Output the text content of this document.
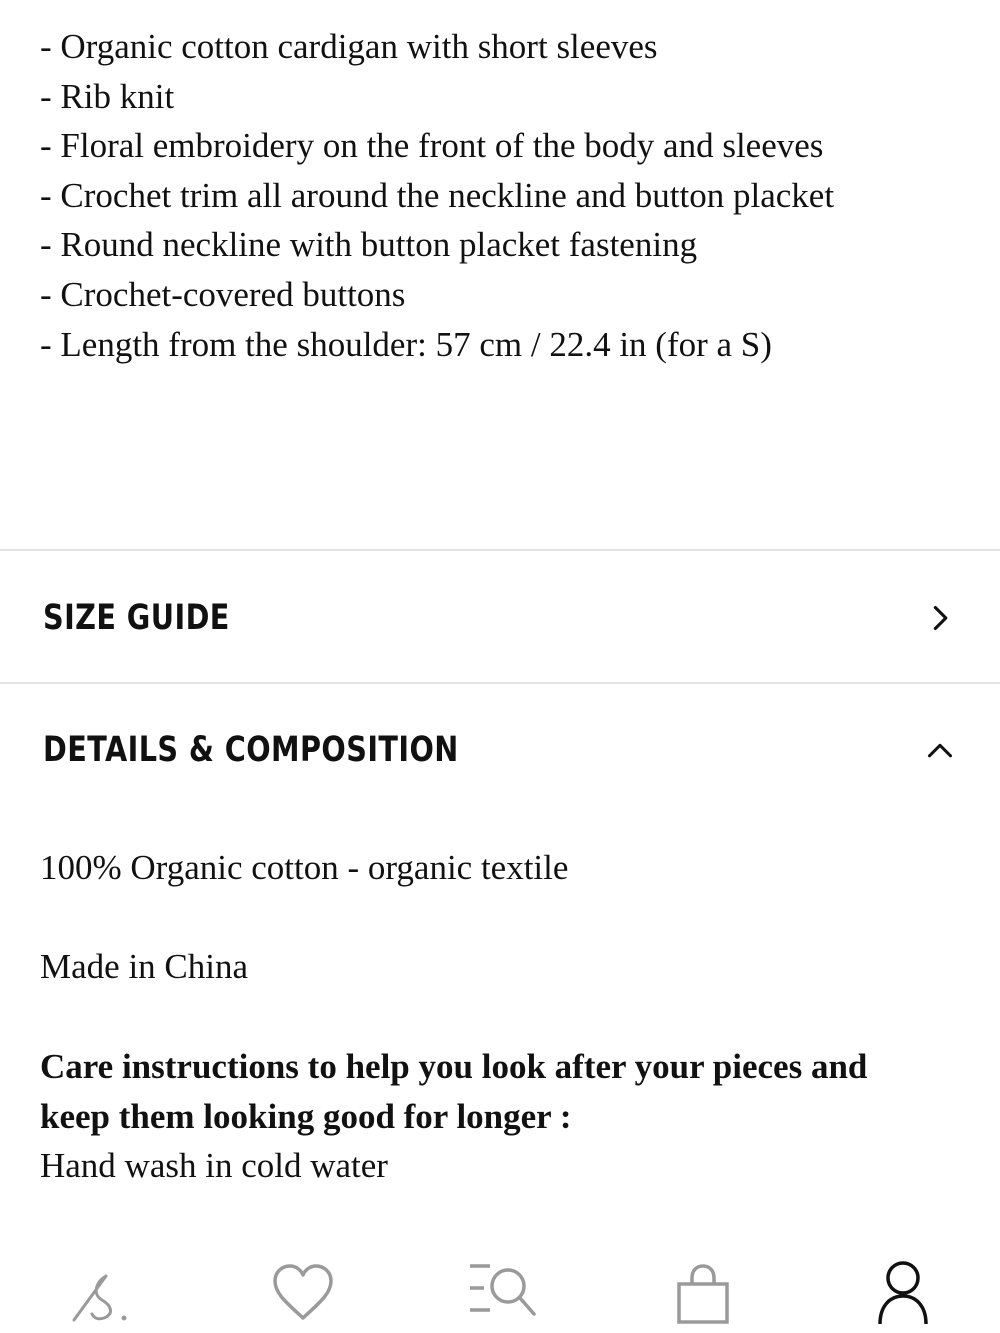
- Organic cotton cardigan with short sleeves
- Rib knit
- Floral embroidery on the front of the body and sleeves
- Crochet trim all around the neckline and button placket
- Round neckline with button placket fastening
- Crochet-covered buttons
- Length from the shoulder: 57 cm / 22.4 in (for a S)
SIZE GUIDE
DETAILS & COMPOSITION
100% Organic cotton - organic textile
Made in China
Care instructions to help you look after your pieces and keep them looking good for longer :
Hand wash in cold water
